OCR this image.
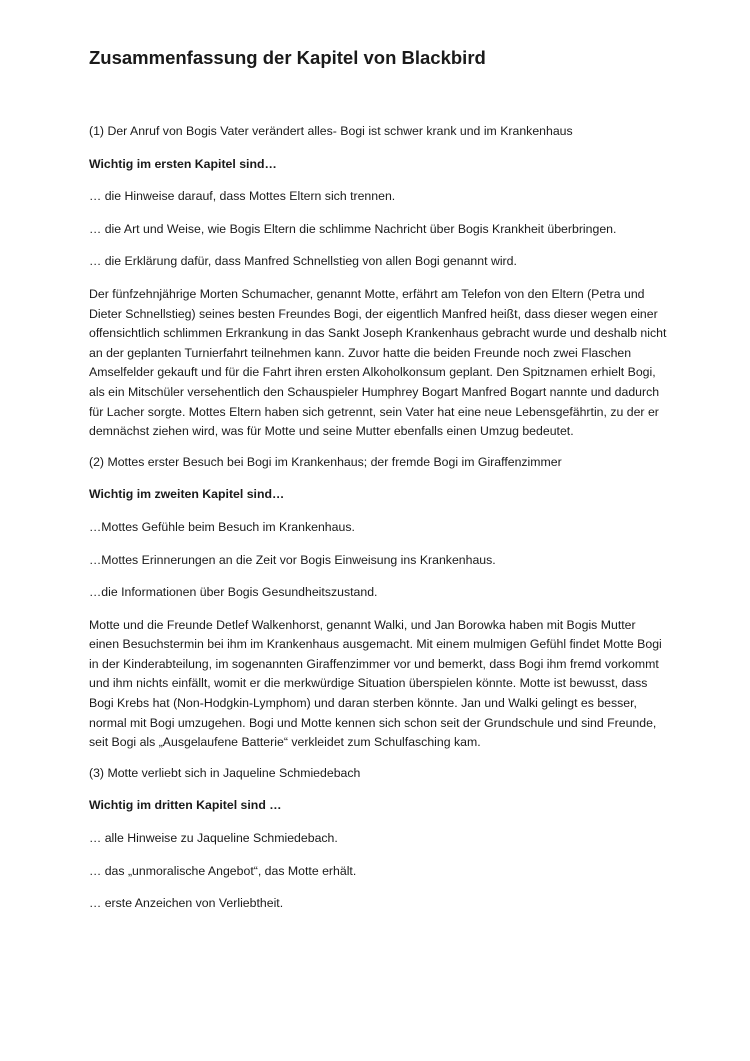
Zusammenfassung der Kapitel von Blackbird

(1) Der Anruf von Bogis Vater verändert alles- Bogi ist schwer krank und im Krankenhaus

Wichtig im ersten Kapitel sind…

… die Hinweise darauf, dass Mottes Eltern sich trennen.

… die Art und Weise, wie Bogis Eltern die schlimme Nachricht über Bogis Krankheit überbringen.

… die Erklärung dafür, dass Manfred Schnellstieg von allen Bogi genannt wird.

Der fünfzehnjährige Morten Schumacher, genannt Motte, erfährt am Telefon von den Eltern (Petra und Dieter Schnellstieg) seines besten Freundes Bogi, der eigentlich Manfred heißt, dass dieser wegen einer offensichtlich schlimmen Erkrankung in das Sankt Joseph Krankenhaus gebracht wurde und deshalb nicht an der geplanten Turnierfahrt teilnehmen kann. Zuvor hatte die beiden Freunde noch zwei Flaschen Amselfelder gekauft und für die Fahrt ihren ersten Alkoholkonsum geplant. Den Spitznamen erhielt Bogi, als ein Mitschüler versehentlich den Schauspieler Humphrey Bogart Manfred Bogart nannte und dadurch für Lacher sorgte. Mottes Eltern haben sich getrennt, sein Vater hat eine neue Lebensgefährtin, zu der er demnächst ziehen wird, was für Motte und seine Mutter ebenfalls einen Umzug bedeutet.

(2) Mottes erster Besuch bei Bogi im Krankenhaus; der fremde Bogi im Giraffenzimmer

Wichtig im zweiten Kapitel sind…

…Mottes Gefühle beim Besuch im Krankenhaus.

…Mottes Erinnerungen an die Zeit vor Bogis Einweisung ins Krankenhaus.

…die Informationen über Bogis Gesundheitszustand.

Motte und die Freunde Detlef Walkenhorst, genannt Walki, und Jan Borowka haben mit Bogis Mutter einen Besuchstermin bei ihm im Krankenhaus ausgemacht. Mit einem mulmigen Gefühl findet Motte Bogi in der Kinderabteilung, im sogenannten Giraffenzimmer vor und bemerkt, dass Bogi ihm fremd vorkommt und ihm nichts einfällt, womit er die merkwürdige Situation überspielen könnte. Motte ist bewusst, dass Bogi Krebs hat (Non-Hodgkin-Lymphom) und daran sterben könnte. Jan und Walki gelingt es besser, normal mit Bogi umzugehen. Bogi und Motte kennen sich schon seit der Grundschule und sind Freunde, seit Bogi als „Ausgelaufene Batterie“ verkleidet zum Schulfasching kam.

(3) Motte verliebt sich in Jaqueline Schmiedebach

Wichtig im dritten Kapitel sind …

… alle Hinweise zu Jaqueline Schmiedebach.

… das „unmoralische Angebot“, das Motte erhält.

… erste Anzeichen von Verliebtheit.
